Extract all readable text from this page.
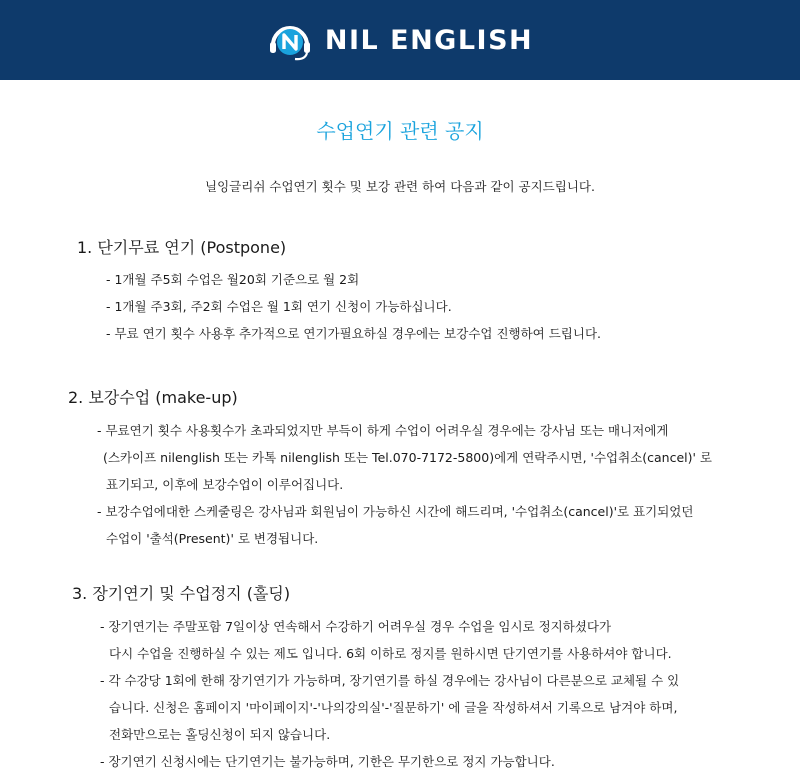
NIL ENGLISH
수업연기 관련 공지
닐잉글리쉬 수업연기 횟수 및 보강 관련 하여 다음과 같이 공지드립니다.
1. 단기무료 연기 (Postpone)
- 1개월 주5회 수업은 월20회 기준으로 월 2회
- 1개월 주3회, 주2회 수업은 월 1회 연기 신청이 가능하십니다.
- 무료 연기 횟수 사용후 추가적으로 연기가필요하실 경우에는 보강수업 진행하여 드립니다.
2. 보강수업 (make-up)
- 무료연기 횟수 사용횟수가 초과되었지만 부득이 하게 수업이 어려우실 경우에는 강사님 또는 매니저에게
(스카이프 nilenglish 또는 카톡 nilenglish 또는 Tel.070-7172-5800)에게 연락주시면, '수업취소(cancel)' 로
표기되고, 이후에 보강수업이 이루어집니다.
- 보강수업에대한 스케줄링은 강사님과 회원님이 가능하신 시간에 해드리며, '수업취소(cancel)'로 표기되었던
수업이 '출석(Present)' 로 변경됩니다.
3. 장기연기 및 수업정지 (홀딩)
- 장기연기는 주말포함 7일이상 연속해서 수강하기 어려우실 경우 수업을 임시로 정지하셨다가
다시 수업을 진행하실 수 있는 제도 입니다. 6회 이하로 정지를 원하시면 단기연기를 사용하셔야 합니다.
- 각 수강당 1회에 한해 장기연기가 가능하며, 장기연기를 하실 경우에는 강사님이 다른분으로 교체될 수 있
습니다. 신청은 홈페이지 '마이페이지'-'나의강의실'-'질문하기' 에 글을 작성하셔서 기록으로 남겨야 하며,
전화만으로는 홀딩신청이 되지 않습니다.
- 장기연기 신청시에는 단기연기는 불가능하며, 기한은 무기한으로 정지 가능합니다.
